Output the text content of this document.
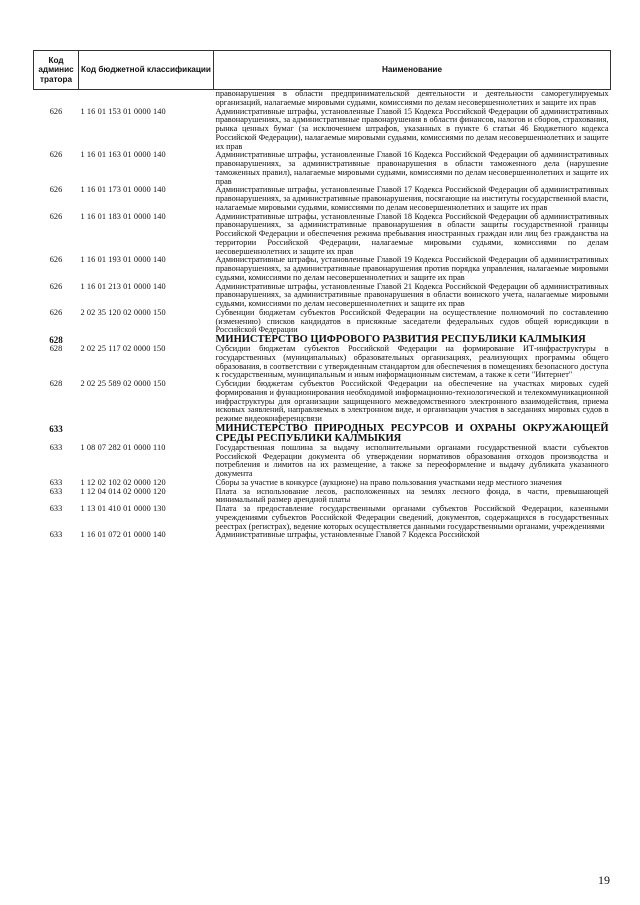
Код админис тратора	Код бюджетной классификации	Наименование
		правонарушения в области предпринимательской деятельности и деятельности саморегулируемых организаций, налагаемые мировыми судьями, комиссиями по делам несовершеннолетних и защите их прав
626	1 16 01 153 01 0000 140	Административные штрафы, установленные Главой 15 Кодекса Российской Федерации об административных правонарушениях, за административные правонарушения в области финансов, налогов и сборов, страхования, рынка ценных бумаг (за исключением штрафов, указанных в пункте 6 статьи 46 Бюджетного кодекса Российской Федерации), налагаемые мировыми судьями, комиссиями по делам несовершеннолетних и защите их прав
626	1 16 01 163 01 0000 140	Административные штрафы, установленные Главой 16 Кодекса Российской Федерации об административных правонарушениях, за административные правонарушения в области таможенного дела (нарушение таможенных правил), налагаемые мировыми судьями, комиссиями по делам несовершеннолетних и защите их прав
626	1 16 01 173 01 0000 140	Административные штрафы, установленные Главой 17 Кодекса Российской Федерации об административных правонарушениях, за административные правонарушения, посягающие на институты государственной власти, налагаемые мировыми судьями, комиссиями по делам несовершеннолетних и защите их прав
626	1 16 01 183 01 0000 140	Административные штрафы, установленные Главой 18 Кодекса Российской Федерации об административных правонарушениях, за административные правонарушения в области защиты государственной границы Российской Федерации и обеспечения режима пребывания иностранных граждан или лиц без гражданства на территории Российской Федерации, налагаемые мировыми судьями, комиссиями по делам несовершеннолетних и защите их прав
626	1 16 01 193 01 0000 140	Административные штрафы, установленные Главой 19 Кодекса Российской Федерации об административных правонарушениях, за административные правонарушения против порядка управления, налагаемые мировыми судьями, комиссиями по делам несовершеннолетних и защите их прав
626	1 16 01 213 01 0000 140	Административные штрафы, установленные Главой 21 Кодекса Российской Федерации об административных правонарушениях, за административные правонарушения в области воинского учета, налагаемые мировыми судьями, комиссиями по делам несовершеннолетних и защите их прав
626	2 02 35 120 02 0000 150	Субвенции бюджетам субъектов Российской Федерации на осуществление полномочий по составлению (изменению) списков кандидатов в присяжные заседатели федеральных судов общей юрисдикции в Российской Федерации
628		МИНИСТЕРСТВО ЦИФРОВОГО РАЗВИТИЯ РЕСПУБЛИКИ КАЛМЫКИЯ
628	2 02 25 117 02 0000 150	Субсидии бюджетам субъектов Российской Федерации на формирование ИТ-инфраструктуры в государственных (муниципальных) образовательных организациях, реализующих программы общего образования, в соответствии с утвержденным стандартом для обеспечения в помещениях безопасного доступа к государственным, муниципальным и иным информационным системам, а также к сети "Интернет"
628	2 02 25 589 02 0000 150	Субсидии бюджетам субъектов Российской Федерации на обеспечение на участках мировых судей формирования и функционирования необходимой информационно-технологической и телекоммуникационной инфраструктуры для организации защищенного межведомственного электронного взаимодействия, приема исковых заявлений, направляемых в электронном виде, и организации участия в заседаниях мировых судов в режиме видеоконференцсвязи
633		МИНИСТЕРСТВО ПРИРОДНЫХ РЕСУРСОВ И ОХРАНЫ ОКРУЖАЮЩЕЙ СРЕДЫ РЕСПУБЛИКИ КАЛМЫКИЯ
633	1 08 07 282 01 0000 110	Государственная пошлина за выдачу исполнительными органами государственной власти субъектов Российской Федерации документа об утверждении нормативов образования отходов производства и потребления и лимитов на их размещение, а также за переоформление и выдачу дубликата указанного документа
633	1 12 02 102 02 0000 120	Сборы за участие в конкурсе (аукционе) на право пользования участками недр местного значения
633	1 12 04 014 02 0000 120	Плата за использование лесов, расположенных на землях лесного фонда, в части, превышающей минимальный размер арендной платы
633	1 13 01 410 01 0000 130	Плата за предоставление государственными органами субъектов Российской Федерации, казенными учреждениями субъектов Российской Федерации сведений, документов, содержащихся в государственных реестрах (регистрах), ведение которых осуществляется данными государственными органами, учреждениями
633	1 16 01 072 01 0000 140	Административные штрафы, установленные Главой 7 Кодекса Российской
19
